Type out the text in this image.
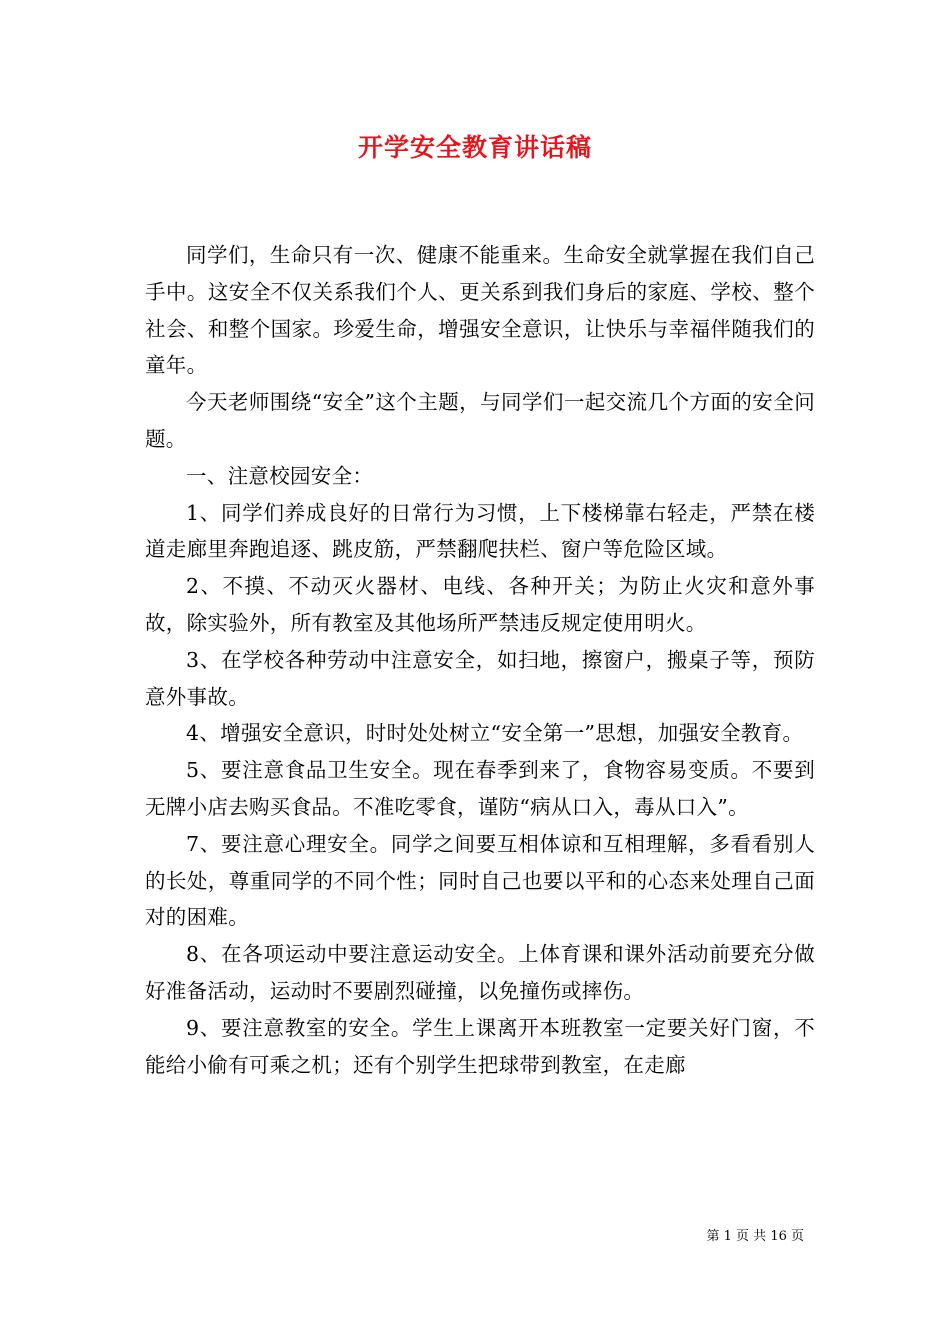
开学安全教育讲话稿

同学们，生命只有一次、健康不能重来。生命安全就掌握在我们自己手中。这安全不仅关系我们个人、更关系到我们身后的家庭、学校、整个社会、和整个国家。珍爱生命，增强安全意识，让快乐与幸福伴随我们的童年。

今天老师围绕“安全”这个主题，与同学们一起交流几个方面的安全问题。

一、注意校园安全：

1、同学们养成良好的日常行为习惯，上下楼梯靠右轻走，严禁在楼道走廊里奔跑追逐、跳皮筋，严禁翻爬扶栏、窗户等危险区域。

2、不摸、不动灭火器材、电线、各种开关；为防止火灾和意外事故，除实验外，所有教室及其他场所严禁违反规定使用明火。

3、在学校各种劳动中注意安全，如扫地，擦窗户，搬桌子等，预防意外事故。

4、增强安全意识，时时处处树立“安全第一”思想，加强安全教育。

5、要注意食品卫生安全。现在春季到来了，食物容易变质。不要到无牌小店去购买食品。不准吃零食，谨防“病从口入，毒从口入”。

7、要注意心理安全。同学之间要互相体谅和互相理解，多看看别人的长处，尊重同学的不同个性；同时自己也要以平和的心态来处理自己面对的困难。

8、在各项运动中要注意运动安全。上体育课和课外活动前要充分做好准备活动，运动时不要剧烈碰撞，以免撞伤或摔伤。

9、要注意教室的安全。学生上课离开本班教室一定要关好门窗，不能给小偷有可乘之机；还有个别学生把球带到教室，在走廊

第 1 页 共 16 页
